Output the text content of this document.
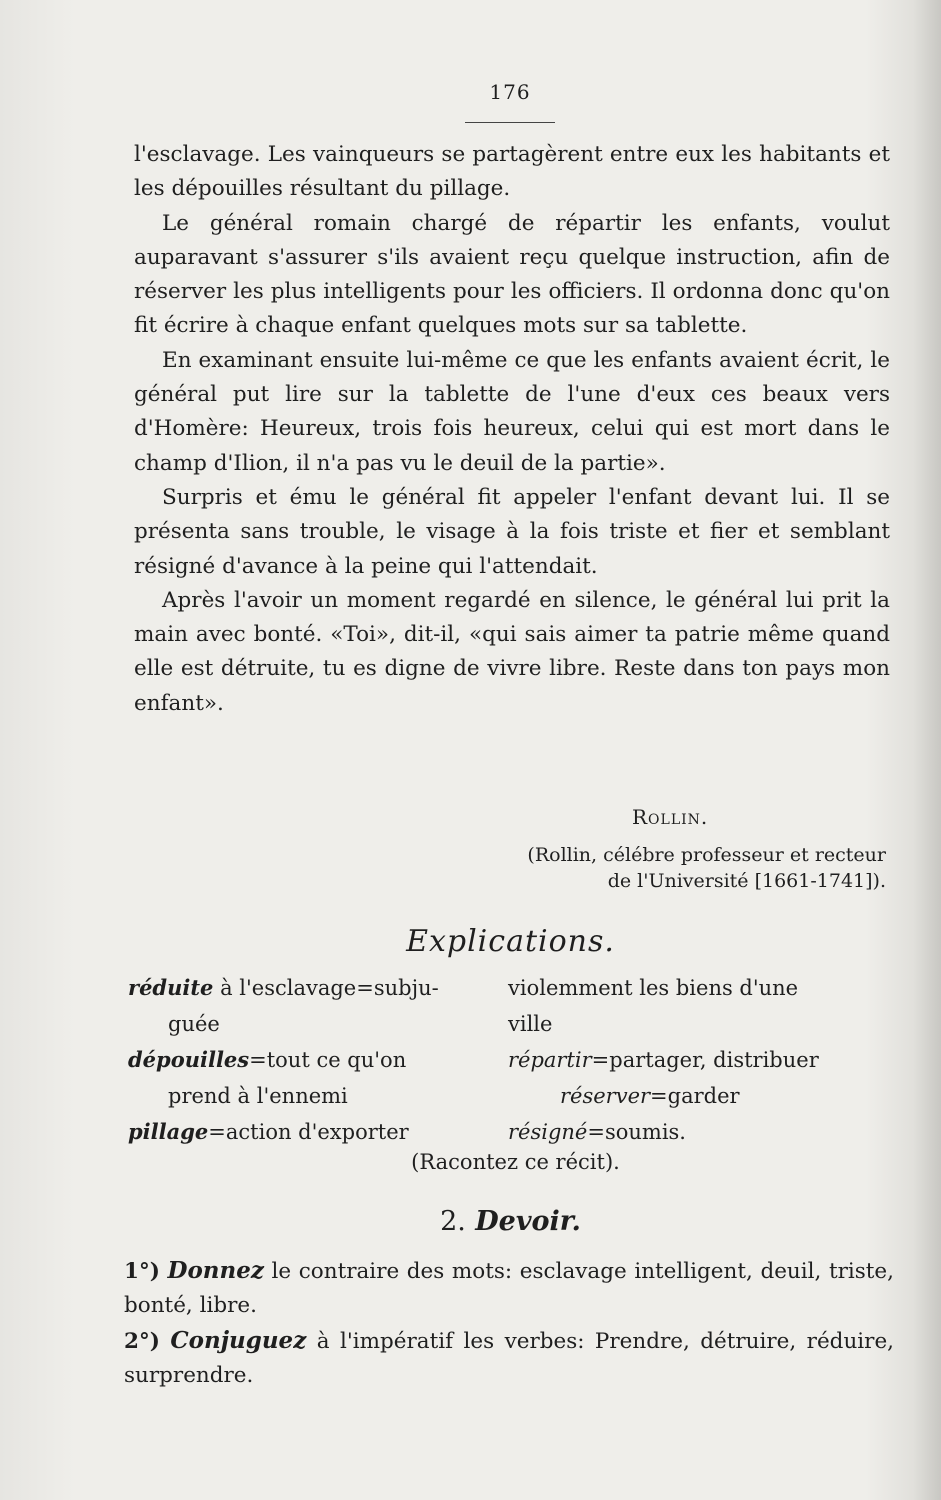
176

l'esclavage. Les vainqueurs se partagèrent entre eux les habitants et les dépouilles résultant du pillage.

Le général romain chargé de répartir les enfants, voulut auparavant s'assurer s'ils avaient reçu quelque instruction, afin de réserver les plus intelligents pour les officiers. Il ordonna donc qu'on fit écrire à chaque enfant quelques mots sur sa tablette.

En examinant ensuite lui-même ce que les enfants avaient écrit, le général put lire sur la tablette de l'une d'eux ces beaux vers d'Homère: Heureux, trois fois heureux, celui qui est mort dans le champ d'Ilion, il n'a pas vu le deuil de la partie».

Surpris et ému le général fit appeler l'enfant devant lui. Il se présenta sans trouble, le visage à la fois triste et fier et semblant résigné d'avance à la peine qui l'attendait.

Après l'avoir un moment regardé en silence, le général lui prit la main avec bonté. «Toi», dit-il, «qui sais aimer ta patrie même quand elle est détruite, tu es digne de vivre libre. Reste dans ton pays mon enfant».

Rollin.
(Rollin, célébre professeur et recteur
de l'Université [1661-1741]).
Explications.
réduite à l'esclavage=subju-
guée
dépouilles=tout ce qu'on
prend à l'ennemi
pillage=action d'exporter
violemment les biens d'une
ville
répartir=partager, distribuer
réserver=garder
résigné=soumis.
(Racontez ce récit).
2. Devoir.
1°) Donnez le contraire des mots: esclavage intelligent, deuil, triste, bonté, libre.
2°) Conjuguez à l'impératif les verbes: Prendre, détruire, réduire, surprendre.
